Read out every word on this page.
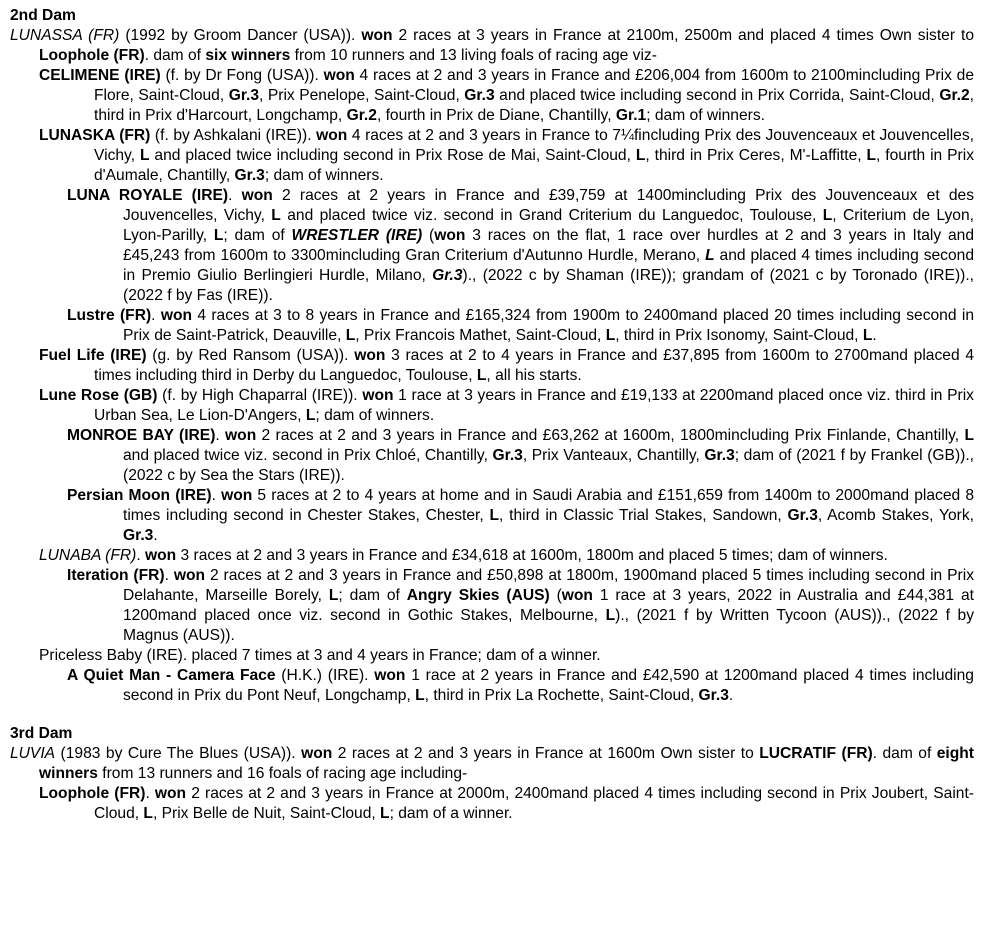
2nd Dam
LUNASSA (FR) (1992 by Groom Dancer (USA)). won 2 races at 3 years in France at 2100m, 2500m and placed 4 times Own sister to Loophole (FR). dam of six winners from 10 runners and 13 living foals of racing age viz-
CELIMENE (IRE) (f. by Dr Fong (USA)). won 4 races at 2 and 3 years in France and £206,004 from 1600m to 2100mincluding Prix de Flore, Saint-Cloud, Gr.3, Prix Penelope, Saint-Cloud, Gr.3 and placed twice including second in Prix Corrida, Saint-Cloud, Gr.2, third in Prix d'Harcourt, Longchamp, Gr.2, fourth in Prix de Diane, Chantilly, Gr.1; dam of winners.
LUNASKA (FR) (f. by Ashkalani (IRE)). won 4 races at 2 and 3 years in France to 7¼fincluding Prix des Jouvenceaux et Jouvencelles, Vichy, L and placed twice including second in Prix Rose de Mai, Saint-Cloud, L, third in Prix Ceres, M'-Laffitte, L, fourth in Prix d'Aumale, Chantilly, Gr.3; dam of winners.
LUNA ROYALE (IRE). won 2 races at 2 years in France and £39,759 at 1400mincluding Prix des Jouvenceaux et des Jouvencelles, Vichy, L and placed twice viz. second in Grand Criterium du Languedoc, Toulouse, L, Criterium de Lyon, Lyon-Parilly, L; dam of WRESTLER (IRE) (won 3 races on the flat, 1 race over hurdles at 2 and 3 years in Italy and £45,243 from 1600m to 3300mincluding Gran Criterium d'Autunno Hurdle, Merano, L and placed 4 times including second in Premio Giulio Berlingieri Hurdle, Milano, Gr.3)., (2022 c by Shaman (IRE)); grandam of (2021 c by Toronado (IRE))., (2022 f by Fas (IRE)).
Lustre (FR). won 4 races at 3 to 8 years in France and £165,324 from 1900m to 2400mand placed 20 times including second in Prix de Saint-Patrick, Deauville, L, Prix Francois Mathet, Saint-Cloud, L, third in Prix Isonomy, Saint-Cloud, L.
Fuel Life (IRE) (g. by Red Ransom (USA)). won 3 races at 2 to 4 years in France and £37,895 from 1600m to 2700mand placed 4 times including third in Derby du Languedoc, Toulouse, L, all his starts.
Lune Rose (GB) (f. by High Chaparral (IRE)). won 1 race at 3 years in France and £19,133 at 2200mand placed once viz. third in Prix Urban Sea, Le Lion-D'Angers, L; dam of winners.
MONROE BAY (IRE). won 2 races at 2 and 3 years in France and £63,262 at 1600m, 1800mincluding Prix Finlande, Chantilly, L and placed twice viz. second in Prix Chloé, Chantilly, Gr.3, Prix Vanteaux, Chantilly, Gr.3; dam of (2021 f by Frankel (GB))., (2022 c by Sea the Stars (IRE)).
Persian Moon (IRE). won 5 races at 2 to 4 years at home and in Saudi Arabia and £151,659 from 1400m to 2000mand placed 8 times including second in Chester Stakes, Chester, L, third in Classic Trial Stakes, Sandown, Gr.3, Acomb Stakes, York, Gr.3.
LUNABA (FR). won 3 races at 2 and 3 years in France and £34,618 at 1600m, 1800m and placed 5 times; dam of winners.
Iteration (FR). won 2 races at 2 and 3 years in France and £50,898 at 1800m, 1900mand placed 5 times including second in Prix Delahante, Marseille Borely, L; dam of Angry Skies (AUS) (won 1 race at 3 years, 2022 in Australia and £44,381 at 1200mand placed once viz. second in Gothic Stakes, Melbourne, L)., (2021 f by Written Tycoon (AUS))., (2022 f by Magnus (AUS)).
Priceless Baby (IRE). placed 7 times at 3 and 4 years in France; dam of a winner.
A Quiet Man - Camera Face (H.K.) (IRE). won 1 race at 2 years in France and £42,590 at 1200mand placed 4 times including second in Prix du Pont Neuf, Longchamp, L, third in Prix La Rochette, Saint-Cloud, Gr.3.
3rd Dam
LUVIA (1983 by Cure The Blues (USA)). won 2 races at 2 and 3 years in France at 1600m Own sister to LUCRATIF (FR). dam of eight winners from 13 runners and 16 foals of racing age including-
Loophole (FR). won 2 races at 2 and 3 years in France at 2000m, 2400mand placed 4 times including second in Prix Joubert, Saint-Cloud, L, Prix Belle de Nuit, Saint-Cloud, L; dam of a winner.
